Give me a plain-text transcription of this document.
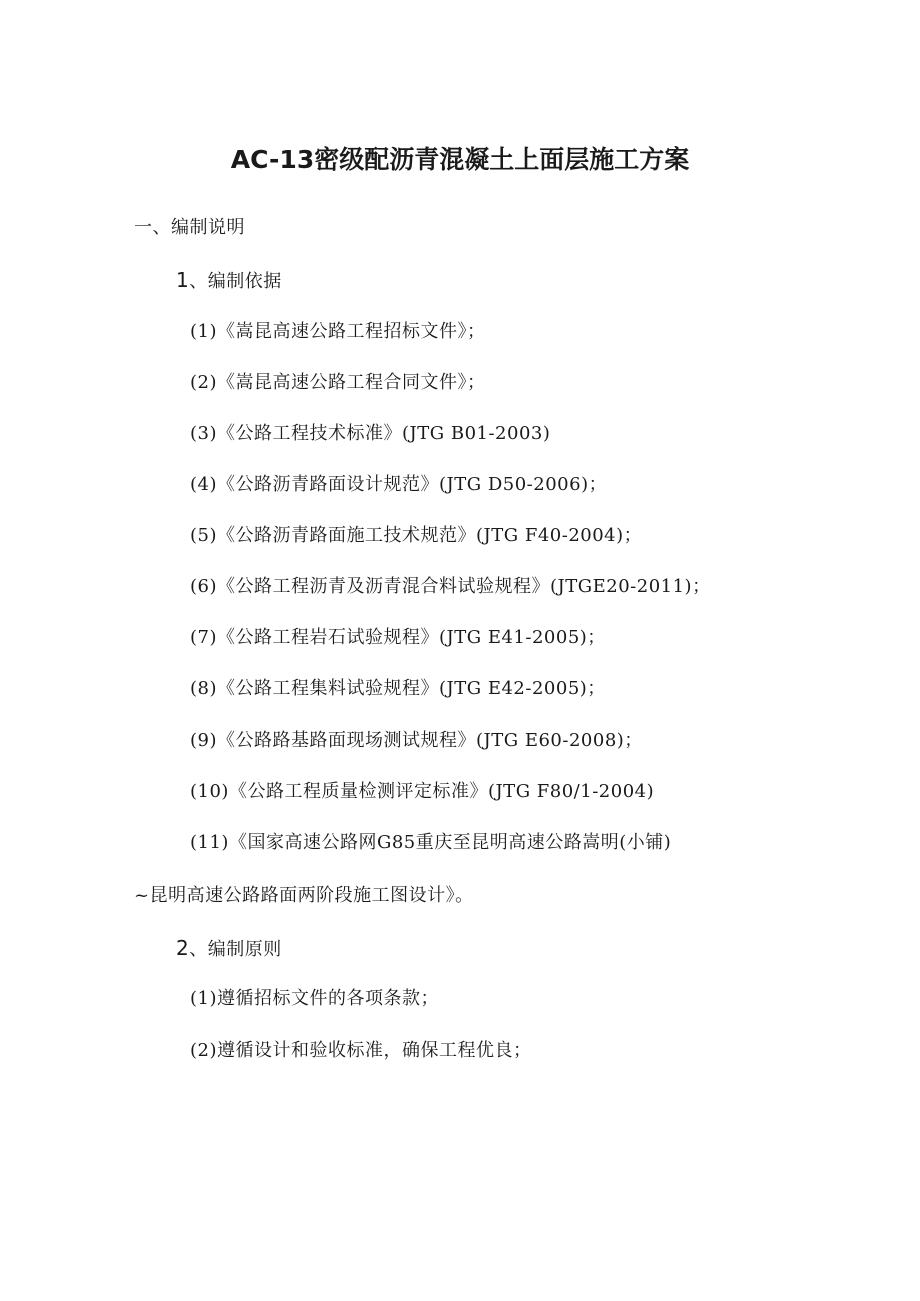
AC-13密级配沥青混凝土上面层施工方案
一、编制说明
1、编制依据
(1)《嵩昆高速公路工程招标文件》；
(2)《嵩昆高速公路工程合同文件》；
(3)《公路工程技术标准》(JTG B01-2003)
(4)《公路沥青路面设计规范》(JTG D50-2006)；
(5)《公路沥青路面施工技术规范》(JTG F40-2004)；
(6)《公路工程沥青及沥青混合料试验规程》(JTGE20-2011)；
(7)《公路工程岩石试验规程》(JTG E41-2005)；
(8)《公路工程集料试验规程》(JTG E42-2005)；
(9)《公路路基路面现场测试规程》(JTG E60-2008)；
(10)《公路工程质量检测评定标准》(JTG F80/1-2004)
(11)《国家高速公路网G85重庆至昆明高速公路嵩明(小铺)
~昆明高速公路路面两阶段施工图设计》。
2、编制原则
(1)遵循招标文件的各项条款；
(2)遵循设计和验收标准，确保工程优良；
